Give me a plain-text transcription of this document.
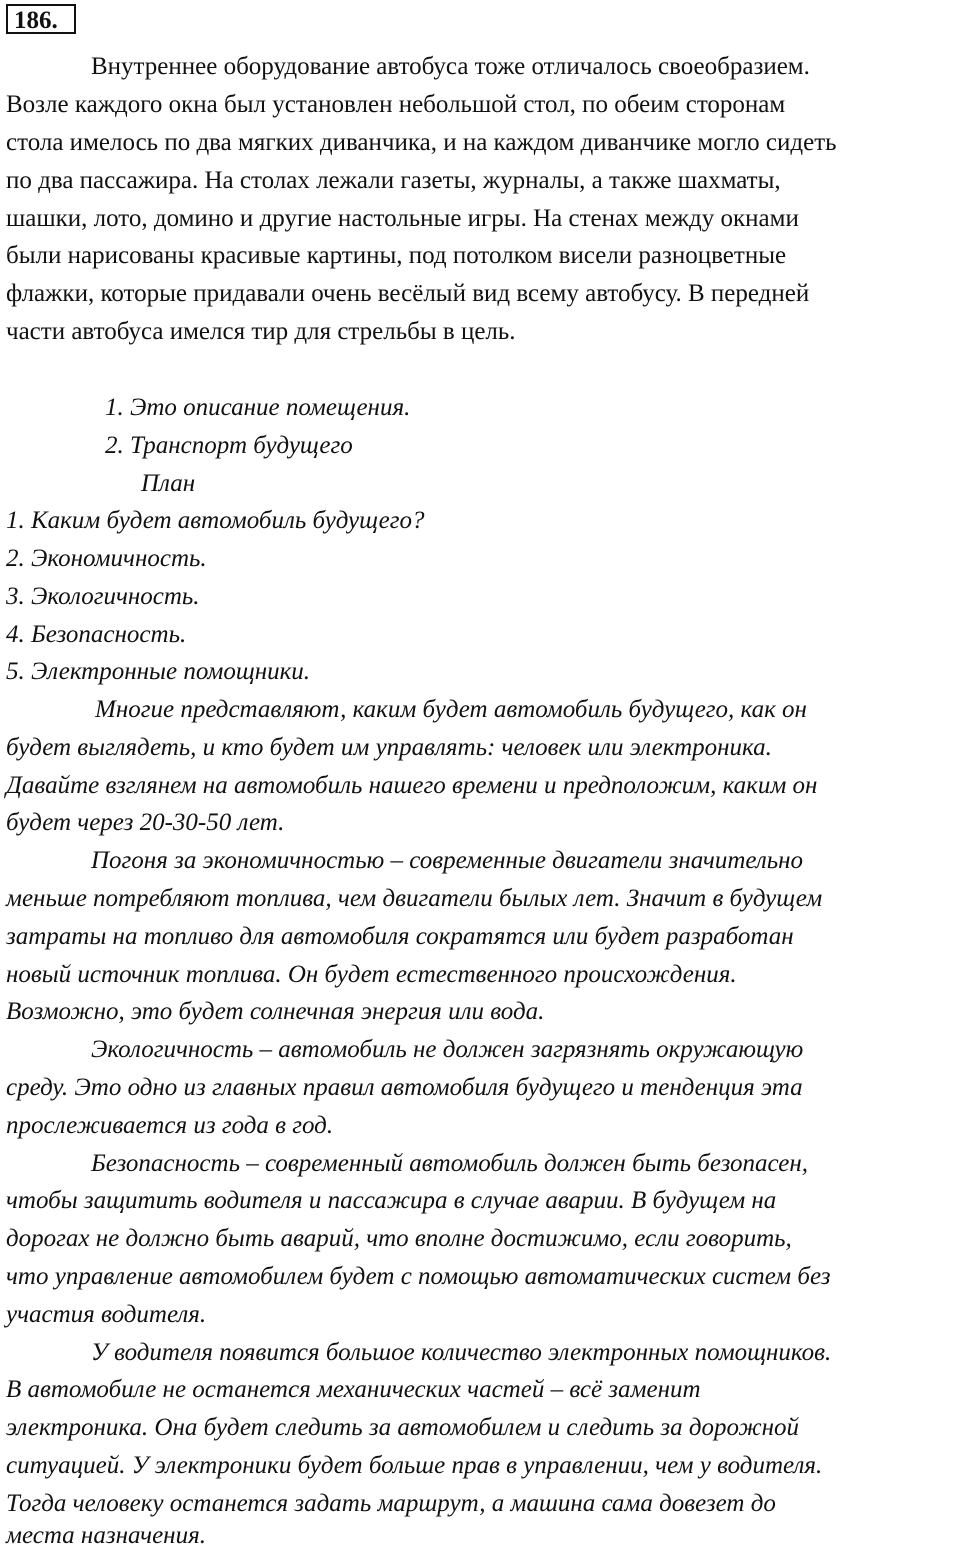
186.

Внутреннее оборудование автобуса тоже отличалось своеобразием.

Возле каждого окна был установлен небольшой стол, по обеим сторонам

стола имелось по два мягких диванчика, и на каждом диванчике могло сидеть

по два пассажира. На столах лежали газеты, журналы, а также шахматы,

шашки, лото, домино и другие настольные игры. На стенах между окнами

были нарисованы красивые картины, под потолком висели разноцветные

флажки, которые придавали очень весёлый вид всему автобусу. В передней

части автобуса имелся тир для стрельбы в цель.

1. Это описание помещения.

2. Транспорт будущего

План

1. Каким будет автомобиль будущего?

2. Экономичность.

3. Экологичность.

4. Безопасность.

5. Электронные помощники.

Многие представляют, каким будет автомобиль будущего, как он

будет выглядеть, и кто будет им управлять: человек или электроника.

Давайте взглянем на автомобиль нашего времени и предположим, каким он

будет через 20-30-50 лет.

Погоня за экономичностью – современные двигатели значительно

меньше потребляют топлива, чем двигатели былых лет. Значит в будущем

затраты на топливо для автомобиля сократятся или будет разработан

новый источник топлива. Он будет естественного происхождения.

Возможно, это будет солнечная энергия или вода.

Экологичность – автомобиль не должен загрязнять окружающую

среду. Это одно из главных правил автомобиля будущего и тенденция эта

прослеживается из года в год.

Безопасность – современный автомобиль должен быть безопасен,

чтобы защитить водителя и пассажира в случае аварии. В будущем на

дорогах не должно быть аварий, что вполне достижимо, если говорить,

что управление автомобилем будет с помощью автоматических систем без

участия водителя.

У водителя появится большое количество электронных помощников.

В автомобиле не останется механических частей – всё заменит

электроника. Она будет следить за автомобилем и следить за дорожной

ситуацией. У электроники будет больше прав в управлении, чем у водителя.

Тогда человеку останется задать маршрут, а машина сама довезет до

места назначения.
